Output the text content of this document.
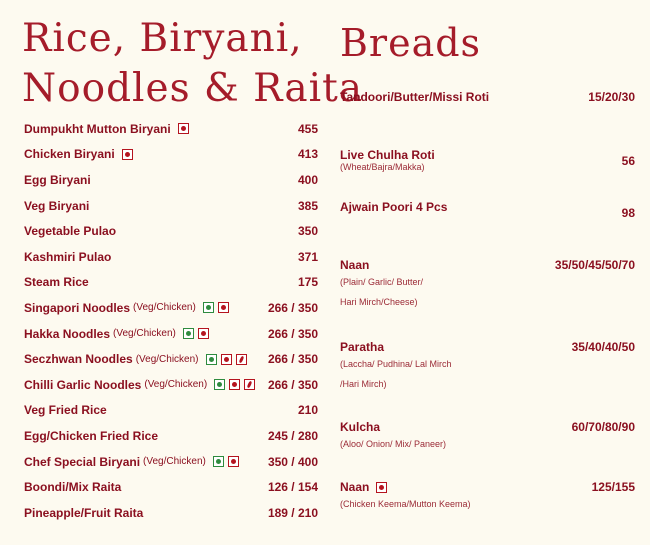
Rice, Biryani,
Noodles & Raita
Breads
Dumpukht Mutton Biryani	455
Chicken Biryani	413
Egg Biryani	400
Veg Biryani	385
Vegetable Pulao	350
Kashmiri Pulao	371
Steam Rice	175
Singapori Noodles (Veg/Chicken)	266 / 350
Hakka Noodles (Veg/Chicken)	266 / 350
Seczhwan Noodles (Veg/Chicken)	266 / 350
Chilli Garlic Noodles (Veg/Chicken)	266 / 350
Veg Fried Rice	210
Egg/Chicken Fried Rice	245 / 280
Chef Special Biryani (Veg/Chicken)	350 / 400
Boondi/Mix Raita	126 / 154
Pineapple/Fruit Raita	189 / 210
Tandoori/Butter/Missi Roti	15/20/30
Live Chulha Roti	56
(Wheat/Bajra/Makka)
Ajwain Poori 4 Pcs	98
Naan	35/50/45/50/70
(Plain/ Garlic/ Butter/
Hari Mirch/Cheese)
Paratha	35/40/40/50
(Laccha/ Pudhina/ Lal Mirch
/Hari Mirch)
Kulcha	60/70/80/90
(Aloo/ Onion/ Mix/ Paneer)
Naan	125/155
(Chicken Keema/Mutton Keema)
